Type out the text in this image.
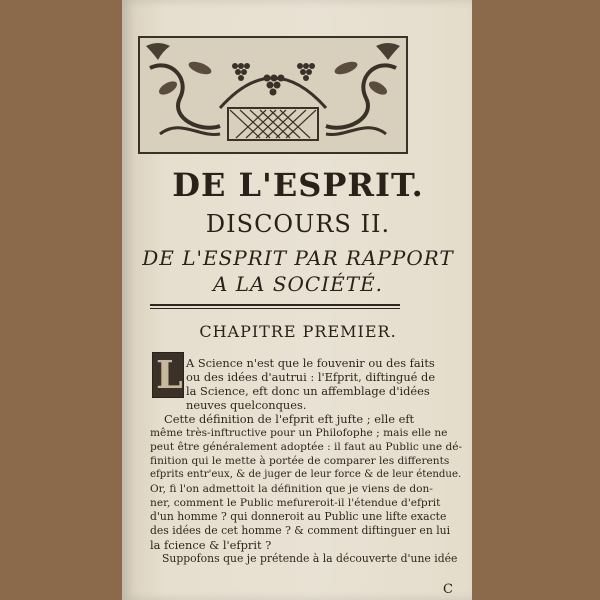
DE L'ESPRIT.
DISCOURS II.
DE L'ESPRIT PAR RAPPORT
A LA SOCIÉTÉ.
CHAPITRE PREMIER.
L A Science n'est que le fouvenir ou des faits
ou des idées d'autrui : l'Efprit, diftingué de
la Science, eft donc un affemblage d'idées
neuves quelconques.
Cette définition de l'efprit eft jufte ; elle eft
même très-inftructive pour un Philofophe ; mais elle ne
peut être généralement adoptée : il faut au Public une dé-
finition qui le mette à portée de comparer les differents
efprits entr'eux, & de juger de leur force & de leur étendue.
Or, fi l'on admettoit la définition que je viens de don-
ner, comment le Public mefureroit-il l'étendue d'efprit
d'un homme ? qui donneroit au Public une lifte exacte
des idées de cet homme ? & comment diftinguer en lui
la fcience & l'efprit ?
Suppofons que je prétende à la découverte d'une idée
C
